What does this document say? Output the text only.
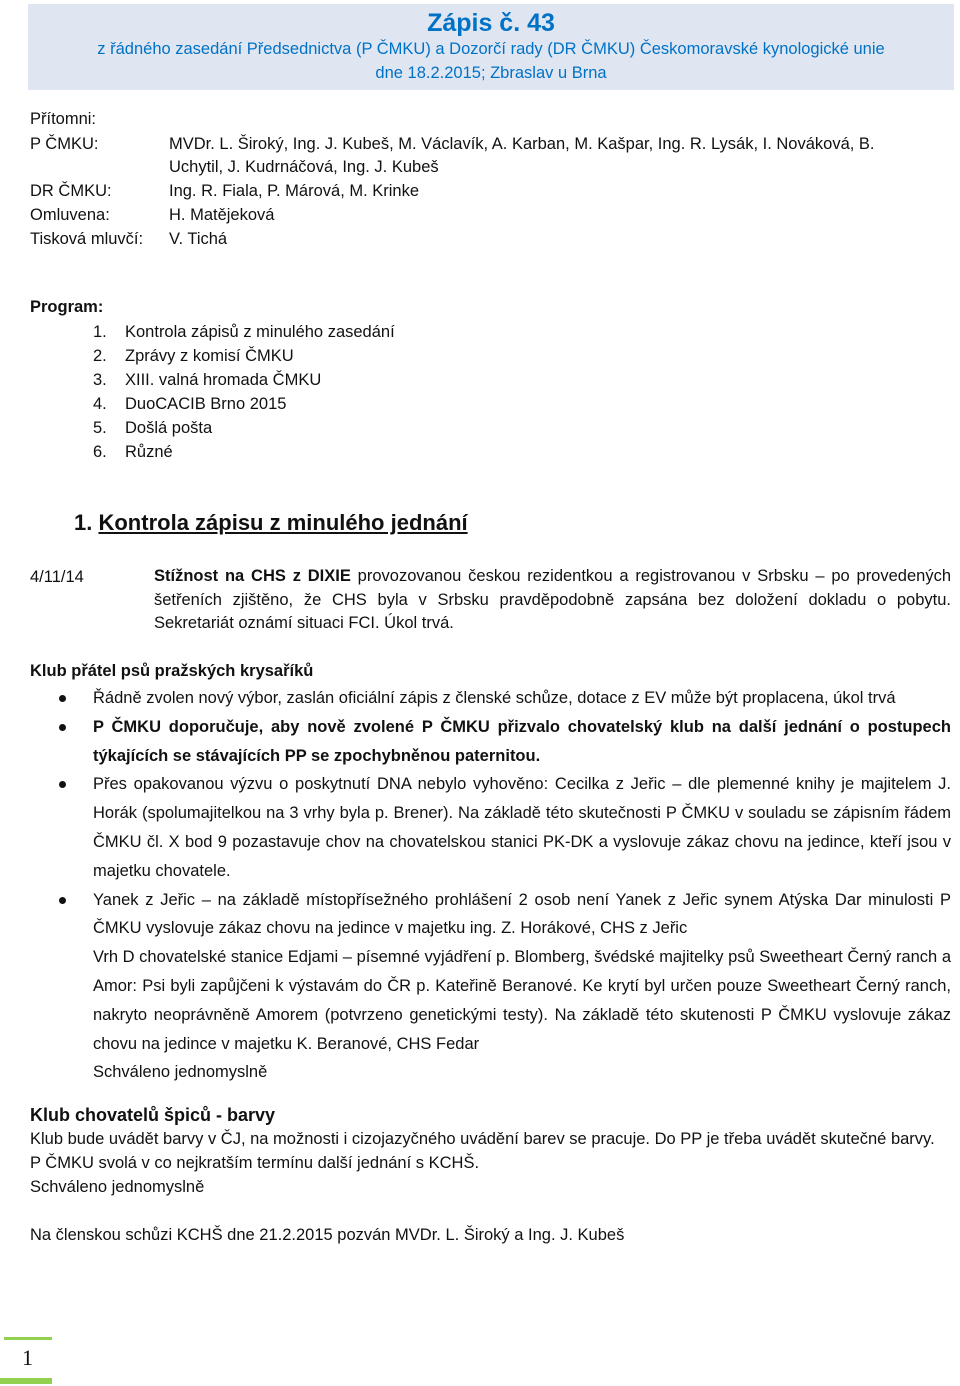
Zápis č. 43
z řádného zasedání Předsednictva (P ČMKU) a Dozorčí rady (DR ČMKU) Českomoravské kynologické unie
dne 18.2.2015; Zbraslav u Brna
Přítomni:
P ČMKU:	MVDr. L. Široký, Ing. J. Kubeš, M. Václavík, A. Karban, M. Kašpar, Ing. R. Lysák, I. Nováková, B.
Uchytil, J. Kudrnáčová, Ing. J. Kubeš
DR ČMKU:	Ing. R. Fiala, P. Márová, M. Krinke
Omluvena:	H. Matějeková
Tisková mluvčí: V. Tichá
Program:
1. Kontrola zápisů z minulého zasedání
2. Zprávy z komisí ČMKU
3. XIII. valná hromada ČMKU
4. DuoCACIB Brno 2015
5. Došlá pošta
6. Různé
1. Kontrola zápisu z minulého jednání
4/11/14	Stížnost na CHS z DIXIE provozovanou českou rezidentkou a registrovanou v Srbsku – po provedených šetřeních zjištěno, že CHS byla v Srbsku pravděpodobně zapsána bez doložení dokladu o pobytu. Sekretariát oznámí situaci FCI. Úkol trvá.
Klub přátel psů pražských krysaříků
Řádně zvolen nový výbor, zaslán oficiální zápis z členské schůze, dotace z EV může být proplacena, úkol trvá
P ČMKU doporučuje, aby nově zvolené P ČMKU přizvalo chovatelský klub na další jednání o postupech týkajících se stávajících PP se zpochybněnou paternitou.
Přes opakovanou výzvu o poskytnutí DNA nebylo vyhověno: Cecilka z Jeřic – dle plemenné knihy je majitelem J. Horák (spolumajitelkou na 3 vrhy byla p. Brener). Na základě této skutečnosti P ČMKU v souladu se zápisním řádem ČMKU čl. X bod 9 pozastavuje chov na chovatelskou stanici PK-DK a vyslovuje zákaz chovu na jedince, kteří jsou v majetku chovatele.
Yanek z Jeřic – na základě místopřísežného prohlášení 2 osob není Yanek z Jeřic synem Atýska Dar minulosti P ČMKU vyslovuje zákaz chovu na jedince v majetku ing. Z. Horákové, CHS z Jeřic
Vrh D chovatelské stanice Edjami – písemné vyjádření p. Blomberg, švédské majitelky psů Sweetheart Černý ranch a Amor: Psi byli zapůjčeni k výstavám do ČR p. Kateřině Beranové. Ke krytí byl určen pouze Sweetheart Černý ranch, nakryto neoprávněně Amorem (potvrzeno genetickými testy). Na základě této skutenosti P ČMKU vyslovuje zákaz chovu na jedince v majetku K. Beranové, CHS Fedar
Schváleno jednomyslně
Klub chovatelů špiců - barvy
Klub bude uvádět barvy v ČJ, na možnosti i cizojazyčného uvádění barev se pracuje. Do PP je třeba uvádět skutečné barvy.
P ČMKU svolá v co nejkratším termínu další jednání s KCHŠ.
Schváleno jednomyslně
Na členskou schůzi KCHŠ dne 21.2.2015 pozván MVDr. L. Široký a Ing. J. Kubeš
1
